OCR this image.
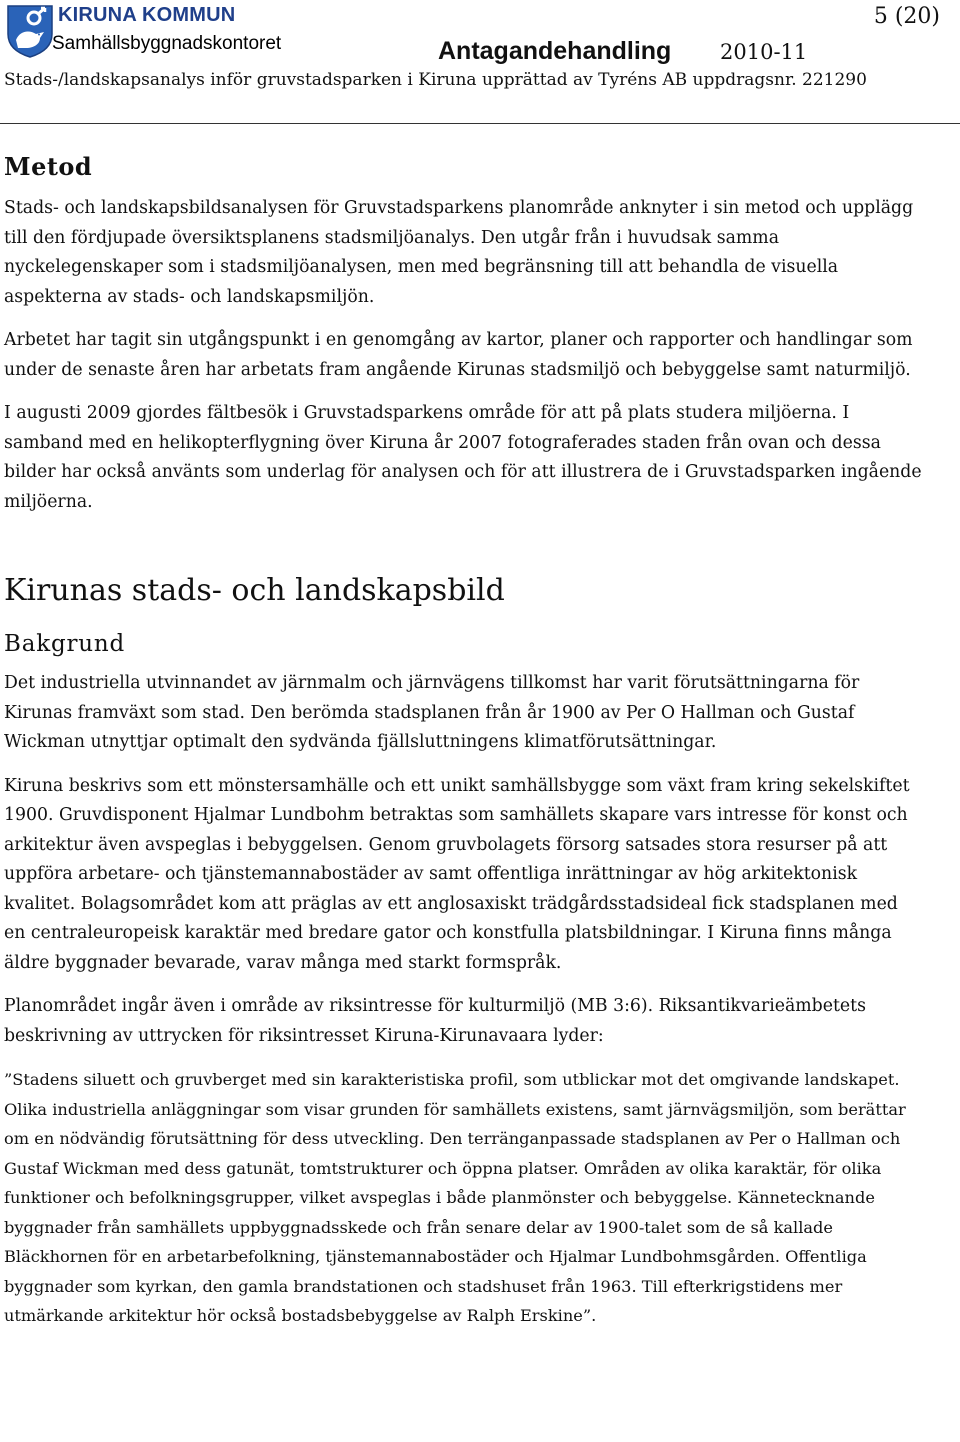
KIRUNA KOMMUN
Samhällsbyggnadskontoret	Antagandehandling 2010-11
5 (20)
Stads-/landskapsanalys inför gruvstadsparken i Kiruna upprättad av Tyréns AB uppdragsnr. 221290
Metod

Stads- och landskapsbildsanalysen för Gruvstadsparkens planområde anknyter i sin metod och upplägg till den fördjupade översiktsplanens stadsmiljöanalys. Den utgår från i huvudsak samma nyckelegenskaper som i stadsmiljöanalysen, men med begränsning till att behandla de visuella aspekterna av stads- och landskapsmiljön.

Arbetet har tagit sin utgångspunkt i en genomgång av kartor, planer och rapporter och handlingar som under de senaste åren har arbetats fram angående Kirunas stadsmiljö och bebyggelse samt naturmiljö.

I augusti 2009 gjordes fältbesök i Gruvstadsparkens område för att på plats studera miljöerna. I samband med en helikopterflygning över Kiruna år 2007 fotograferades staden från ovan och dessa bilder har också använts som underlag för analysen och för att illustrera de i Gruvstadsparken ingående miljöerna.

Kirunas stads- och landskapsbild
Bakgrund

Det industriella utvinnandet av järnmalm och järnvägens tillkomst har varit förutsättningarna för Kirunas framväxt som stad. Den berömda stadsplanen från år 1900 av Per O Hallman och Gustaf Wickman utnyttjar optimalt den sydvända fjällsluttningens klimatförutsättningar.

Kiruna beskrivs som ett mönstersamhälle och ett unikt samhällsbygge som växt fram kring sekelskiftet 1900. Gruvdisponent Hjalmar Lundbohm betraktas som samhällets skapare vars intresse för konst och arkitektur även avspeglas i bebyggelsen. Genom gruvbolagets försorg satsades stora resurser på att uppföra arbetare- och tjänstemannabostäder av samt offentliga inrättningar av hög arkitektonisk kvalitet. Bolagsområdet kom att präglas av ett anglosaxiskt trädgårdsstadsideal fick stadsplanen med en centraleuropeisk karaktär med bredare gator och konstfulla platsbildningar. I Kiruna finns många äldre byggnader bevarade, varav många med starkt formspråk.

Planområdet ingår även i område av riksintresse för kulturmiljö (MB 3:6). Riksantikvarieämbetets beskrivning av uttrycken för riksintresset Kiruna-Kirunavaara lyder:

”Stadens siluett och gruvberget med sin karakteristiska profil, som utblickar mot det omgivande landskapet. Olika industriella anläggningar som visar grunden för samhällets existens, samt järnvägsmiljön, som berättar om en nödvändig förutsättning för dess utveckling. Den terränganpassade stadsplanen av Per o Hallman och Gustaf Wickman med dess gatunät, tomtstrukturer och öppna platser. Områden av olika karaktär, för olika funktioner och befolkningsgrupper, vilket avspeglas i både planmönster och bebyggelse. Kännetecknande byggnader från samhällets uppbyggnadsskede och från senare delar av 1900-talet som de så kallade Bläckhornen för en arbetarbefolkning, tjänstemannabostäder och Hjalmar Lundbohmsgården. Offentliga byggnader som kyrkan, den gamla brandstationen och stadshuset från 1963. Till efterkrigstidens mer utmärkande arkitektur hör också bostadsbebyggelse av Ralph Erskine”.
